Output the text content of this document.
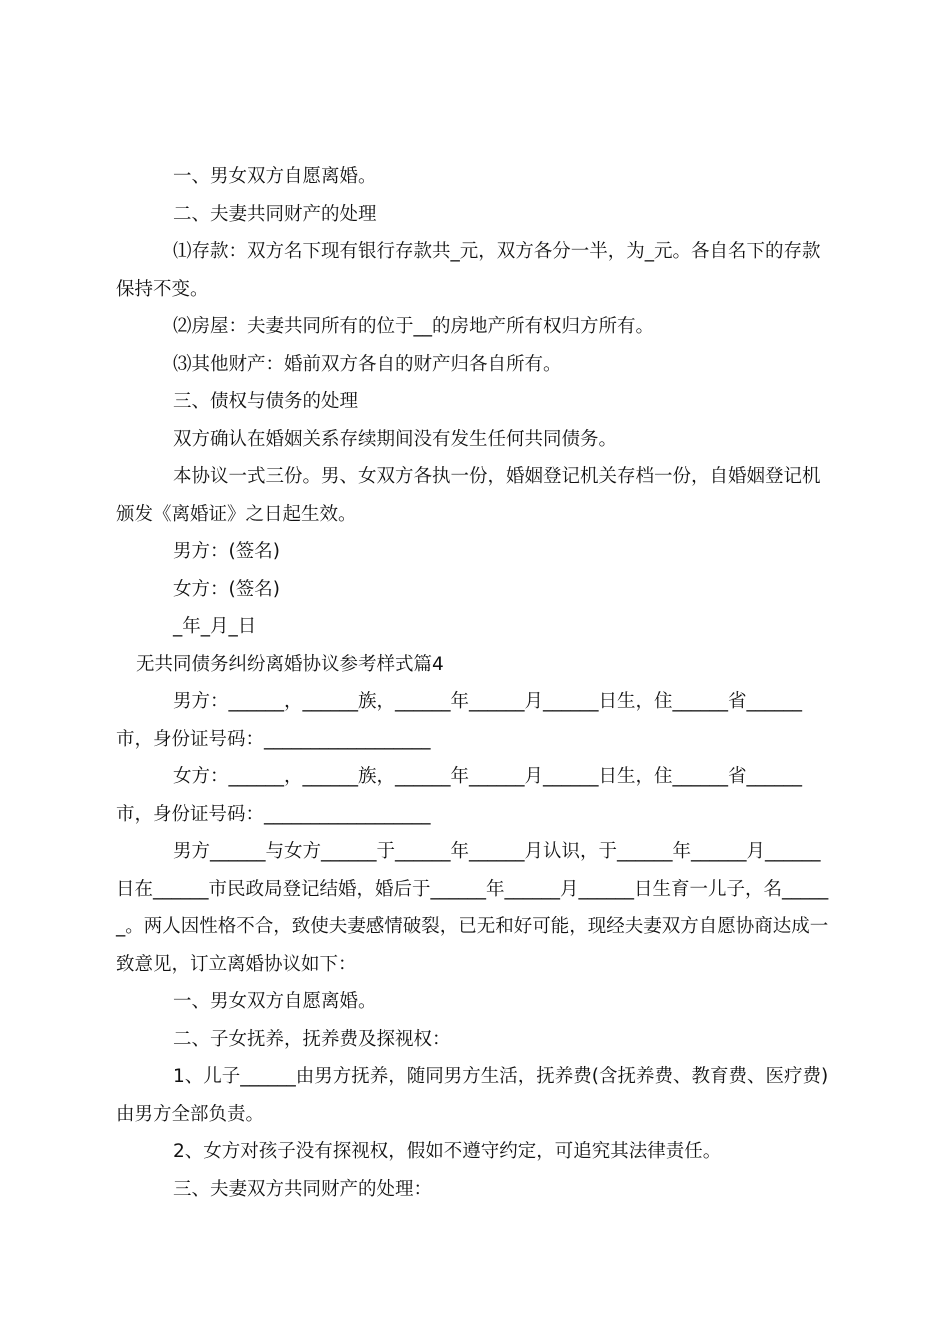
一、男女双方自愿离婚。

二、夫妻共同财产的处理

⑴存款：双方名下现有银行存款共_元，双方各分一半，为_元。各自名下的存款保持不变。

⑵房屋：夫妻共同所有的位于__的房地产所有权归方所有。

⑶其他财产：婚前双方各自的财产归各自所有。

三、债权与债务的处理

双方确认在婚姻关系存续期间没有发生任何共同债务。

本协议一式三份。男、女双方各执一份，婚姻登记机关存档一份，自婚姻登记机颁发《离婚证》之日起生效。

男方：(签名)

女方：(签名)

_年_月_日

无共同债务纠纷离婚协议参考样式篇4

男方：______，______族，______年______月______日生，住______省______市，身份证号码：__________________

女方：______，______族，______年______月______日生，住______省______市，身份证号码：__________________

男方______与女方______于______年______月认识，于______年______月______日在______市民政局登记结婚，婚后于______年______月______日生育一儿子，名______。两人因性格不合，致使夫妻感情破裂，已无和好可能，现经夫妻双方自愿协商达成一致意见，订立离婚协议如下：

一、男女双方自愿离婚。

二、子女抚养，抚养费及探视权：

1、儿子______由男方抚养，随同男方生活，抚养费(含抚养费、教育费、医疗费)由男方全部负责。

2、女方对孩子没有探视权，假如不遵守约定，可追究其法律责任。

三、夫妻双方共同财产的处理：
